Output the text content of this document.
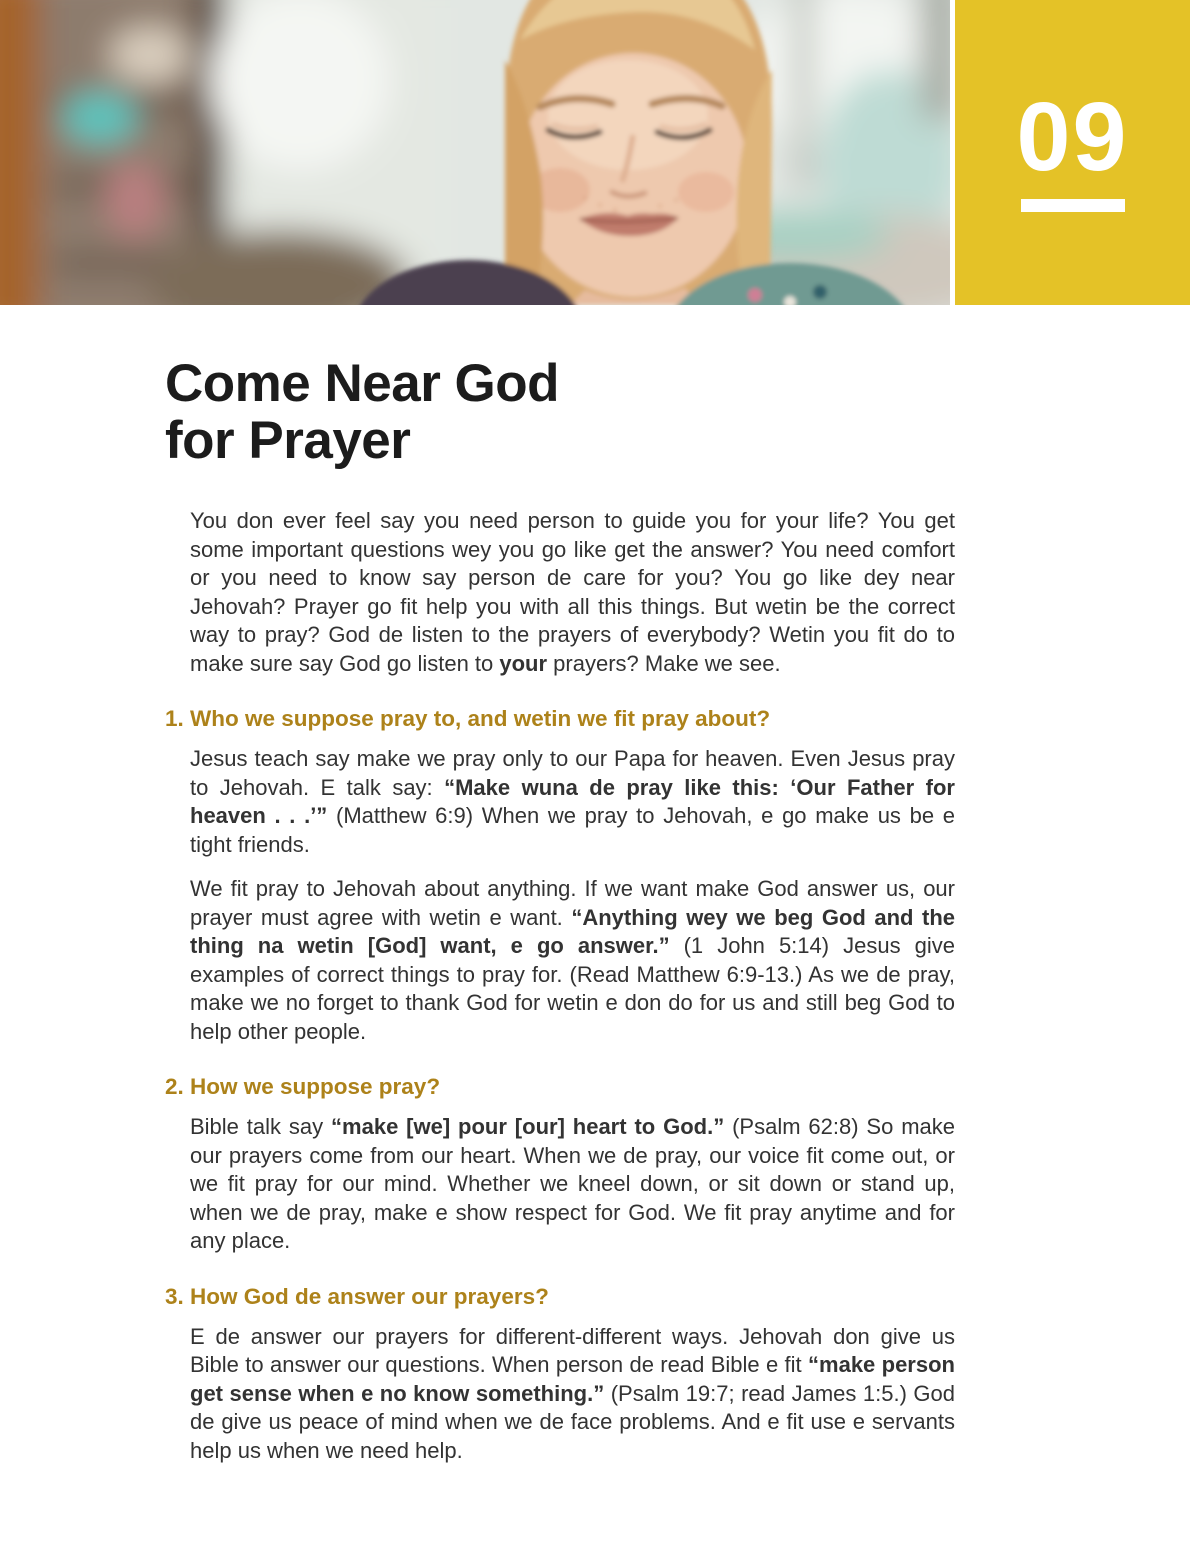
09
Come Near God
for Prayer

You don ever feel say you need person to guide you for your life? You get some important questions wey you go like get the answer? You need comfort or you need to know say person de care for you? You go like dey near Jehovah? Prayer go fit help you with all this things. But wetin be the correct way to pray? God de listen to the prayers of everybody? Wetin you fit do to make sure say God go listen to your prayers? Make we see.

1. Who we suppose pray to, and wetin we fit pray about?

Jesus teach say make we pray only to our Papa for heaven. Even Jesus pray to Jehovah. E talk say: “Make wuna de pray like this: ‘Our Father for heaven . . .’” (Matthew 6:9) When we pray to Jehovah, e go make us be e tight friends.

We fit pray to Jehovah about anything. If we want make God answer us, our prayer must agree with wetin e want. “Anything wey we beg God and the thing na wetin [God] want, e go answer.” (1 John 5:14) Jesus give examples of correct things to pray for. (Read Matthew 6:9-13.) As we de pray, make we no forget to thank God for wetin e don do for us and still beg God to help other people.

2. How we suppose pray?

Bible talk say “make [we] pour [our] heart to God.” (Psalm 62:8) So make our prayers come from our heart. When we de pray, our voice fit come out, or we fit pray for our mind. Whether we kneel down, or sit down or stand up, when we de pray, make e show respect for God. We fit pray anytime and for any place.

3. How God de answer our prayers?

E de answer our prayers for different-different ways. Jehovah don give us Bible to answer our questions. When person de read Bible e fit “make person get sense when e no know something.” (Psalm 19:7; read James 1:5.) God de give us peace of mind when we de face problems. And e fit use e servants help us when we need help.
